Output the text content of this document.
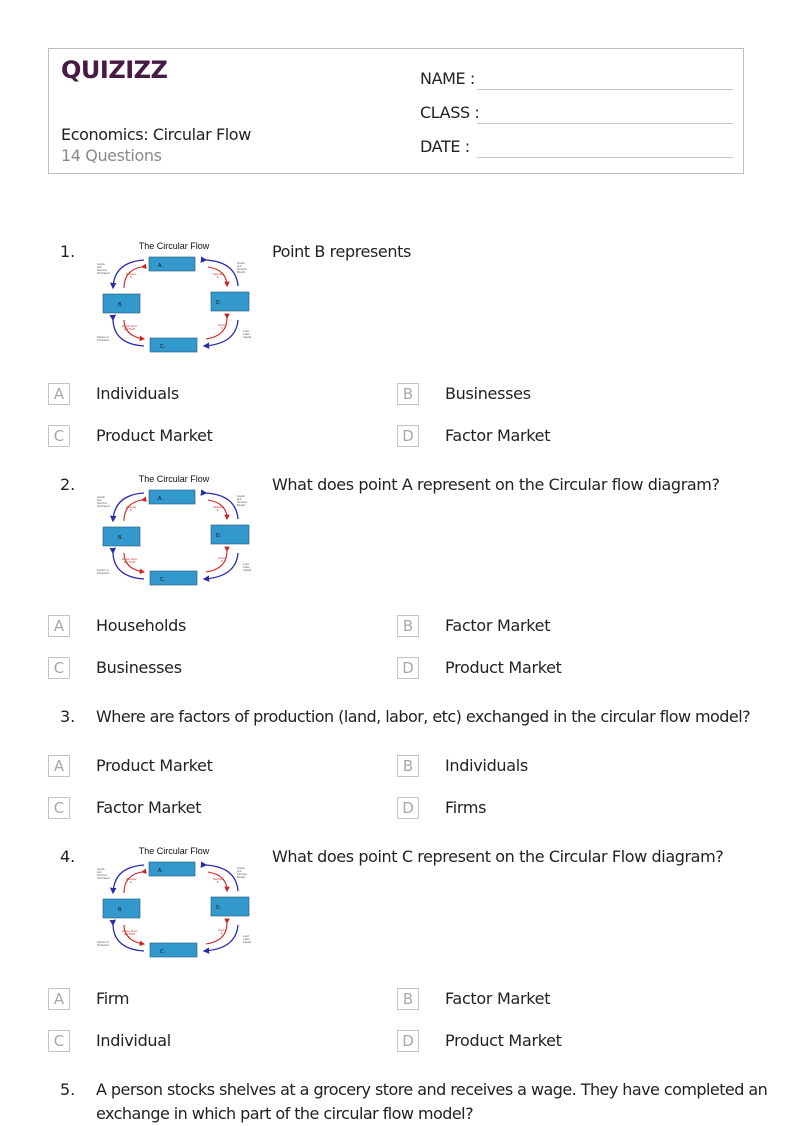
QUIZIZZ
Economics: Circular Flow
14 Questions
NAME :
CLASS :
DATE :
1.	The Circular Flow
A.
B.
C.
D.
Goods
and
Services
Purchased
Goods
and
Services
Bought
Factors of
Production
Land
Labor
Capital
Revenue
$
Spending
$
Wages, Rent,
and Profit
$
Income
$
Point B represents
A	Individuals	B	Businesses
C	Product Market	D	Factor Market
2.	The Circular Flow
A.
B.
C.
D.
Goods
and
Services
Purchased
Goods
and
Services
Bought
Factors of
Production
Land
Labor
Capital
Revenue
$
Spending
$
Wages, Rent,
and Profit
$
Income
$
What does point A represent on the Circular flow diagram?
A	Households	B	Factor Market
C	Businesses	D	Product Market
3. Where are factors of production (land, labor, etc) exchanged in the circular flow model?
A	Product Market	B	Individuals
C	Factor Market	D	Firms
4.	The Circular Flow
A.
B.
C.
D.
Goods
and
Services
Purchased
Goods
and
Services
Bought
Factors of
Production
Land
Labor
Capital
Revenue
$
Spending
$
Wages, Rent,
and Profit
$
Income
$
What does point C represent on the Circular Flow diagram?
A	Firm	B	Factor Market
C	Individual	D	Product Market
5. A person stocks shelves at a grocery store and receives a wage. They have completed an
exchange in which part of the circular flow model?
